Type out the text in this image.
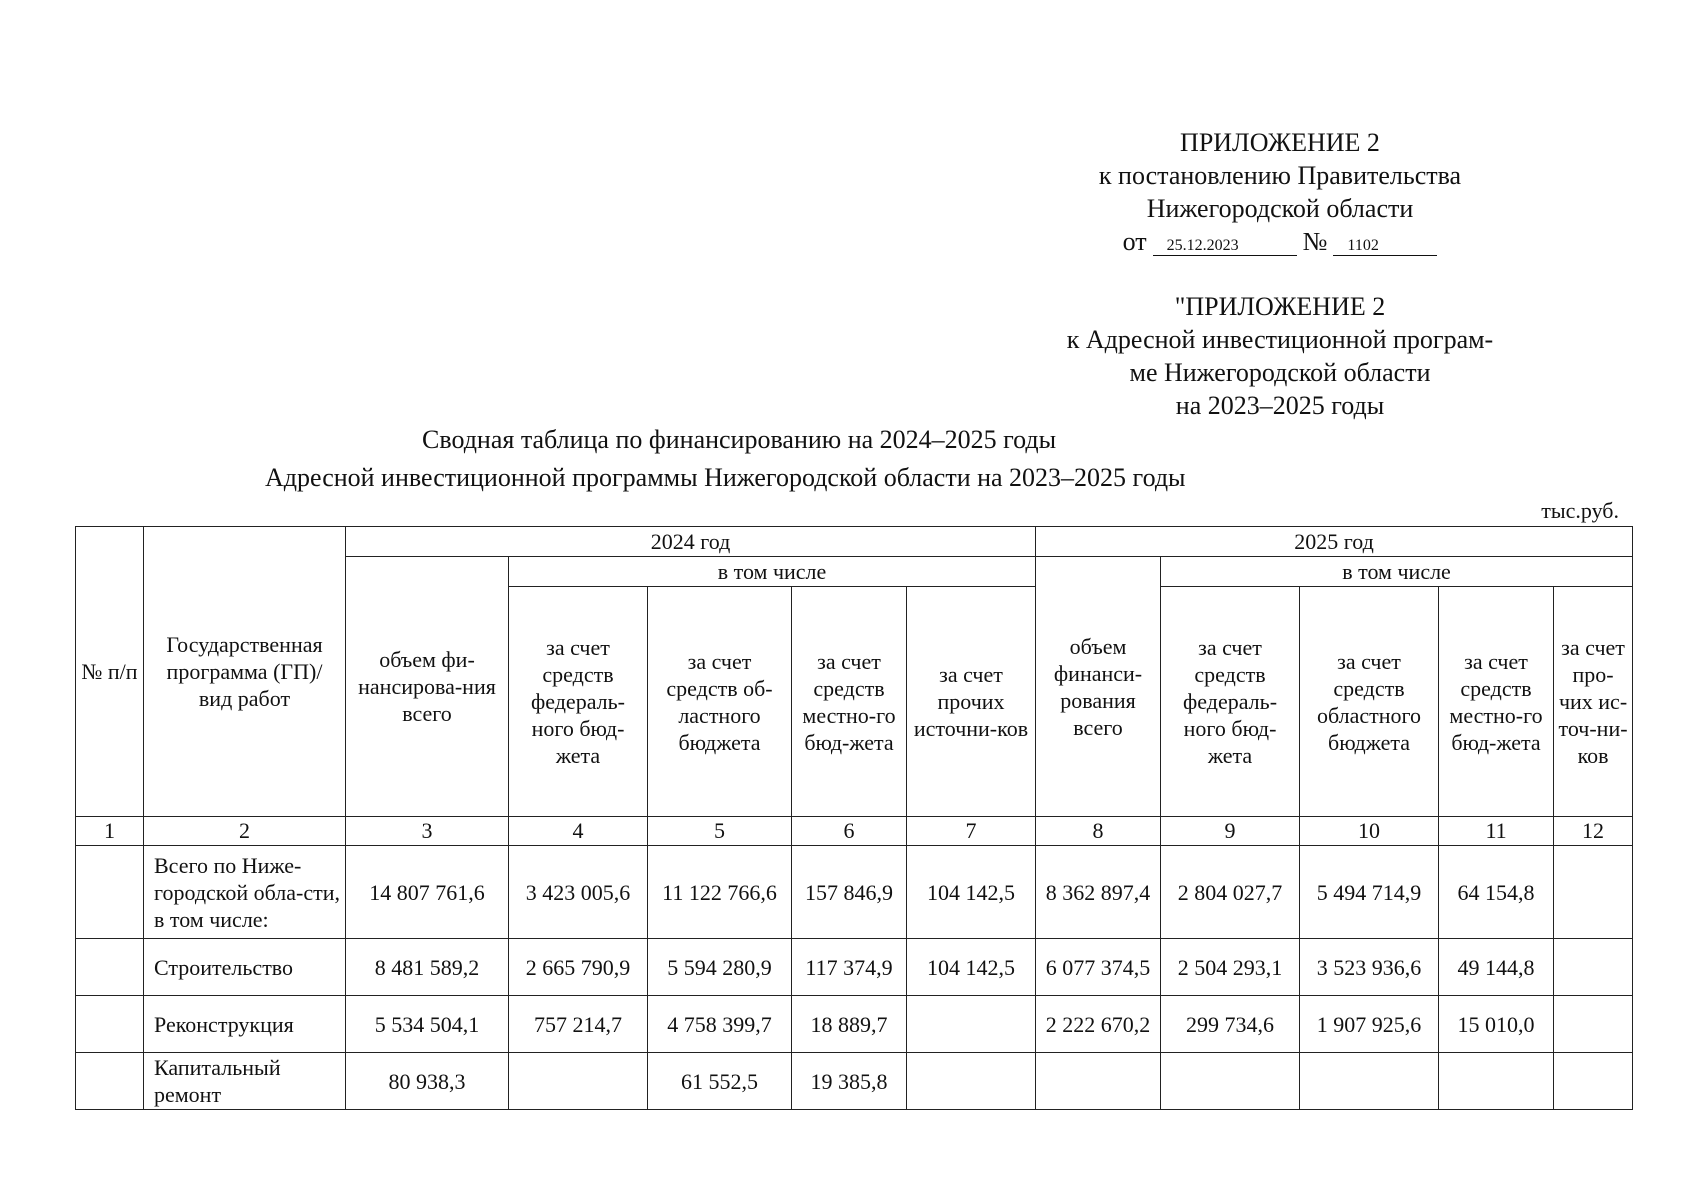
ПРИЛОЖЕНИЕ 2
к постановлению Правительства
Нижегородской области
от	25.12.2023	№	1102
"ПРИЛОЖЕНИЕ 2
к Адресной инвестиционной програм-
ме Нижегородской области
на 2023–2025 годы
Сводная таблица по финансированию на 2024–2025 годы
Адресной инвестиционной программы Нижегородской области на 2023–2025 годы
тыс.руб.
№ п/п	Государственная программа (ГП)/ вид работ	2024 год					2025 год				
		объем фи-нансирова-ния всего	в том числе				объем финанси-рования всего	в том числе			
			за счет средств федераль-ного бюд-жета	за счет средств об-ластного бюджета	за счет средств местно-го бюд-жета	за счет прочих источни-ков		за счет средств федераль-ного бюд-жета	за счет средств областного бюджета	за счет средств местно-го бюд-жета	за счет про-чих ис-точ-ни-ков
1	2	3	4	5	6	7	8	9	10	11	12
	Всего по Ниже-городской обла-сти, в том числе:	14 807 761,6	3 423 005,6	11 122 766,6	157 846,9	104 142,5	8 362 897,4	2 804 027,7	5 494 714,9	64 154,8	
	Строительство	8 481 589,2	2 665 790,9	5 594 280,9	117 374,9	104 142,5	6 077 374,5	2 504 293,1	3 523 936,6	49 144,8	
	Реконструкция	5 534 504,1	757 214,7	4 758 399,7	18 889,7		2 222 670,2	299 734,6	1 907 925,6	15 010,0	
	Капитальный ремонт	80 938,3		61 552,5	19 385,8						
